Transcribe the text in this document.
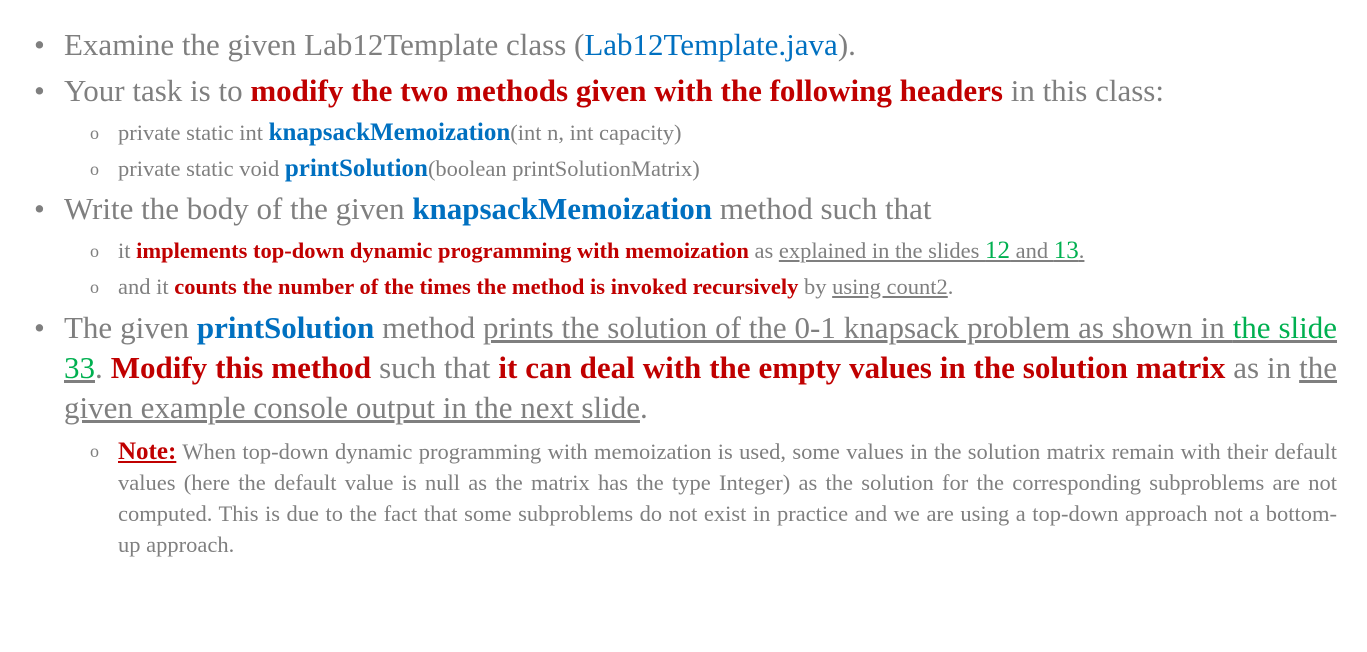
• Examine the given Lab12Template class (Lab12Template.java).
• Your task is to modify the two methods given with the following headers in this class:
o private static int knapsackMemoization(int n, int capacity)
o private static void printSolution(boolean printSolutionMatrix)
• Write the body of the given knapsackMemoization method such that
o it implements top-down dynamic programming with memoization as explained in the slides 12 and 13.
o and it counts the number of the times the method is invoked recursively by using count2.
• The given printSolution method prints the solution of the 0-1 knapsack problem as shown in the slide 33. Modify this method such that it can deal with the empty values in the solution matrix as in the given example console output in the next slide.
o Note: When top-down dynamic programming with memoization is used, some values in the solution matrix remain with their default values (here the default value is null as the matrix has the type Integer) as the solution for the corresponding subproblems are not computed. This is due to the fact that some subproblems do not exist in practice and we are using a top-down approach not a bottom-up approach.
